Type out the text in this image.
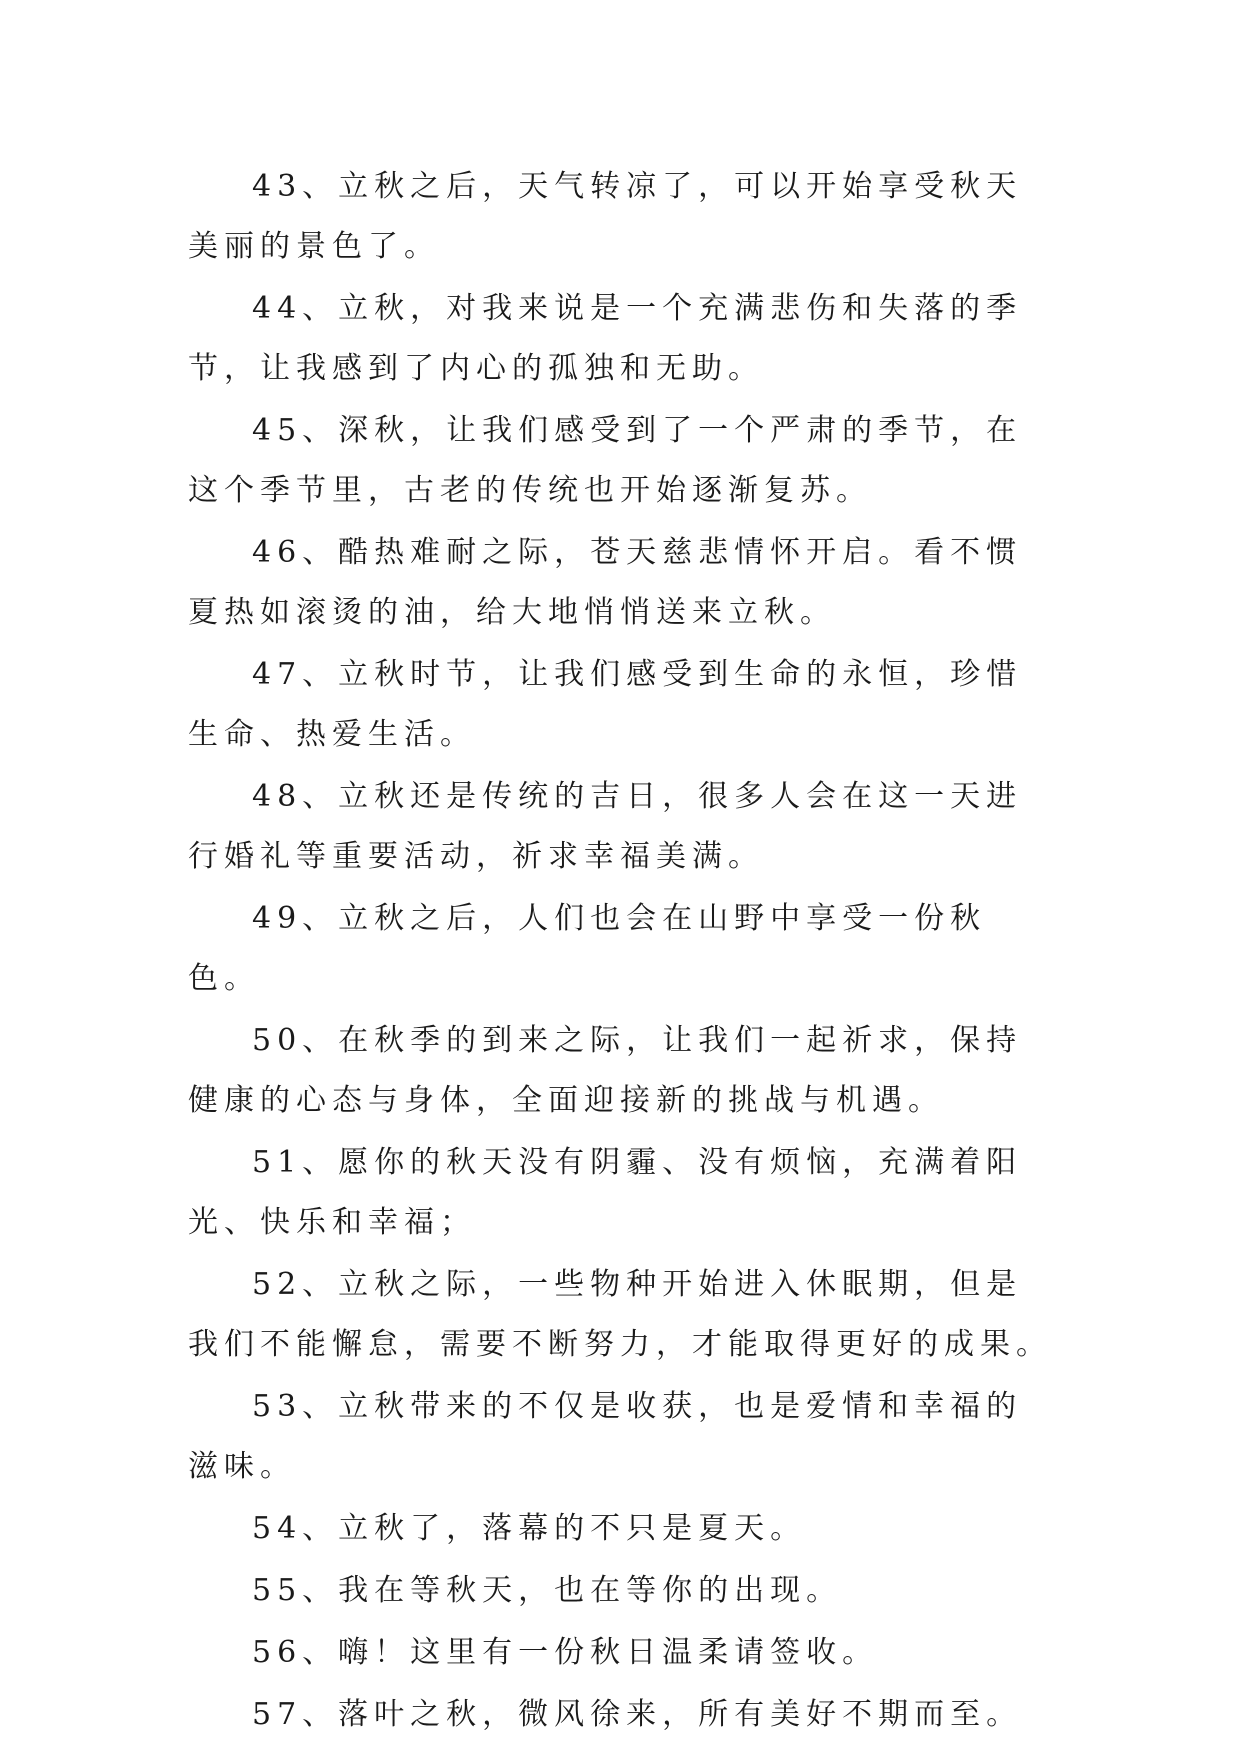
43、立秋之后，天气转凉了，可以开始享受秋天美丽的景色了。

44、立秋，对我来说是一个充满悲伤和失落的季节，让我感到了内心的孤独和无助。

45、深秋，让我们感受到了一个严肃的季节，在这个季节里，古老的传统也开始逐渐复苏。

46、酷热难耐之际，苍天慈悲情怀开启。看不惯夏热如滚烫的油，给大地悄悄送来立秋。

47、立秋时节，让我们感受到生命的永恒，珍惜生命、热爱生活。

48、立秋还是传统的吉日，很多人会在这一天进行婚礼等重要活动，祈求幸福美满。

49、立秋之后，人们也会在山野中享受一份秋色。

50、在秋季的到来之际，让我们一起祈求，保持健康的心态与身体，全面迎接新的挑战与机遇。

51、愿你的秋天没有阴霾、没有烦恼，充满着阳光、快乐和幸福；

52、立秋之际，一些物种开始进入休眠期，但是我们不能懈怠，需要不断努力，才能取得更好的成果。

53、立秋带来的不仅是收获，也是爱情和幸福的滋味。

54、立秋了，落幕的不只是夏天。

55、我在等秋天，也在等你的出现。

56、嗨！这里有一份秋日温柔请签收。

57、落叶之秋，微风徐来，所有美好不期而至。
